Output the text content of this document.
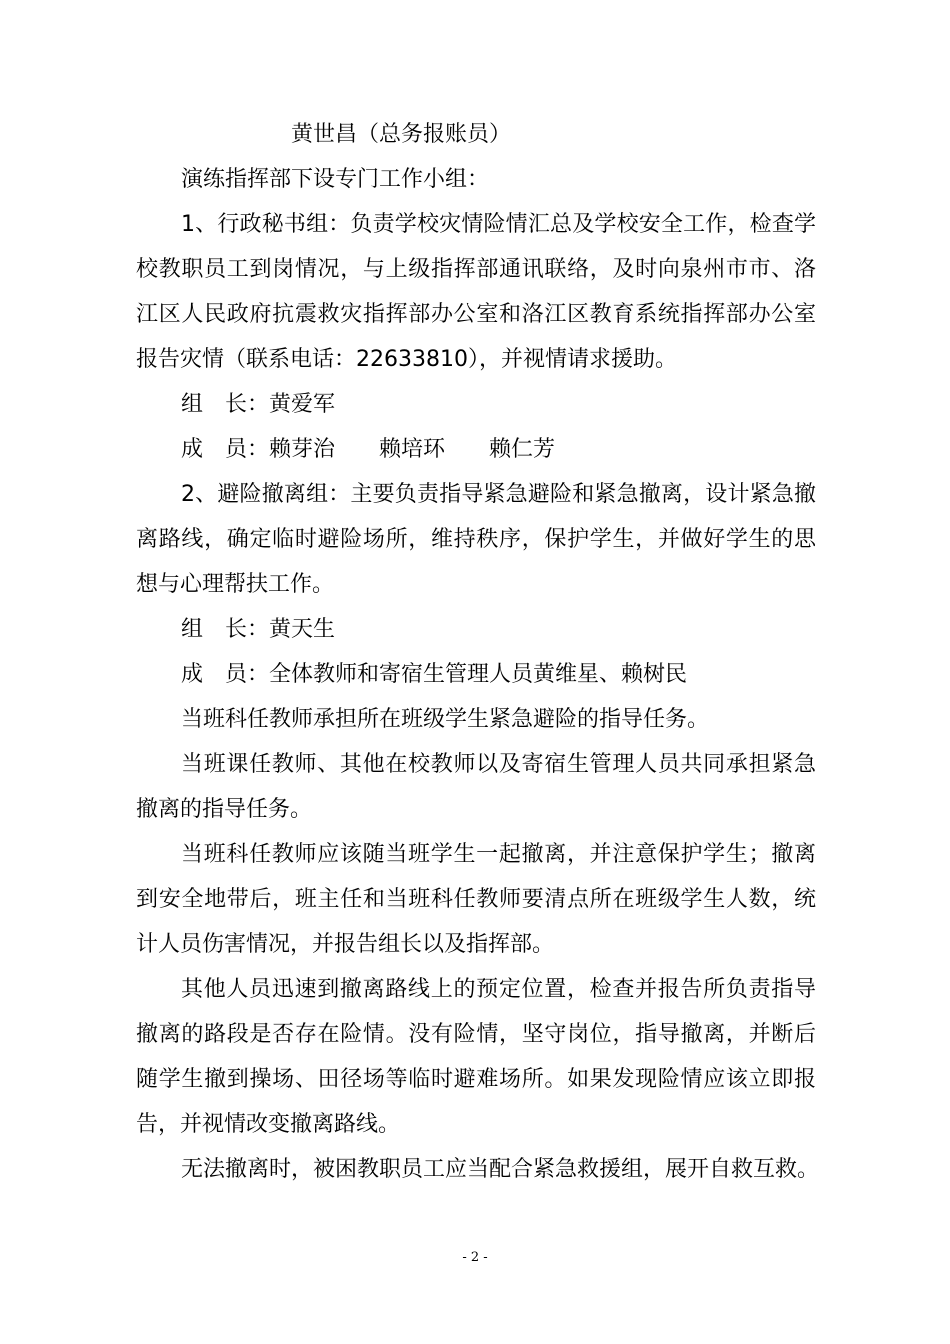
黄世昌（总务报账员）
演练指挥部下设专门工作小组：
1、行政秘书组：负责学校灾情险情汇总及学校安全工作，检查学
校教职员工到岗情况，与上级指挥部通讯联络，及时向泉州市市、洛
江区人民政府抗震救灾指挥部办公室和洛江区教育系统指挥部办公室
报告灾情（联系电话：22633810），并视情请求援助。
组 长：黄爱军
成 员：赖芽治 赖培环 赖仁芳
2、避险撤离组：主要负责指导紧急避险和紧急撤离，设计紧急撤
离路线，确定临时避险场所，维持秩序，保护学生，并做好学生的思
想与心理帮扶工作。
组 长：黄天生
成 员：全体教师和寄宿生管理人员黄维星、赖树民
当班科任教师承担所在班级学生紧急避险的指导任务。
当班课任教师、其他在校教师以及寄宿生管理人员共同承担紧急
撤离的指导任务。
当班科任教师应该随当班学生一起撤离，并注意保护学生；撤离
到安全地带后，班主任和当班科任教师要清点所在班级学生人数，统
计人员伤害情况，并报告组长以及指挥部。
其他人员迅速到撤离路线上的预定位置，检查并报告所负责指导
撤离的路段是否存在险情。没有险情，坚守岗位，指导撤离，并断后
随学生撤到操场、田径场等临时避难场所。如果发现险情应该立即报
告，并视情改变撤离路线。
无法撤离时，被困教职员工应当配合紧急救援组，展开自救互救。
- 2 -
